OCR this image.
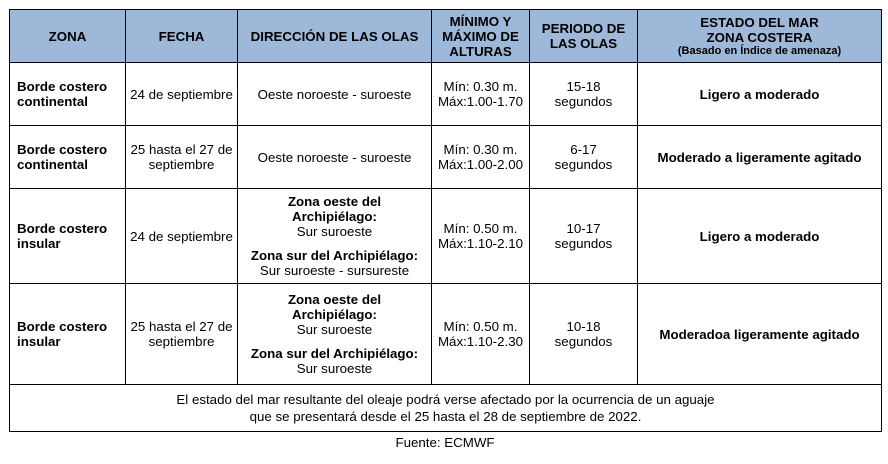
ZONA	FECHA	DIRECCIÓN DE LAS OLAS	MÍNIMO Y
MÁXIMO DE
ALTURAS	PERIODO DE
LAS OLAS	ESTADO DEL MAR
ZONA COSTERA
(Basado en Índice de amenaza)

Borde costero
continental	24 de septiembre	Oeste noroeste - suroeste	Mín: 0.30 m.
Máx:1.00-1.70	15-18
segundos	Ligero a moderado

Borde costero
continental	25 hasta el 27 de
septiembre	Oeste noroeste - suroeste	Mín: 0.30 m.
Máx:1.00-2.00	6-17
segundos	Moderado a ligeramente agitado

Borde costero
insular	24 de septiembre	Zona oeste del
Archipiélago:
Sur suroeste
Zona sur del Archipiélago:
Sur suroeste - sursureste	Mín: 0.50 m.
Máx:1.10-2.10	10-17
segundos	Ligero a moderado

Borde costero
insular	25 hasta el 27 de
septiembre	Zona oeste del
Archipiélago:
Sur suroeste
Zona sur del Archipiélago:
Sur suroeste	Mín: 0.50 m.
Máx:1.10-2.30	10-18
segundos	Moderadoa ligeramente agitado

El estado del mar resultante del oleaje podrá verse afectado por la ocurrencia de un aguaje
que se presentará desde el 25 hasta el 28 de septiembre de 2022.					
Fuente: ECMWF
